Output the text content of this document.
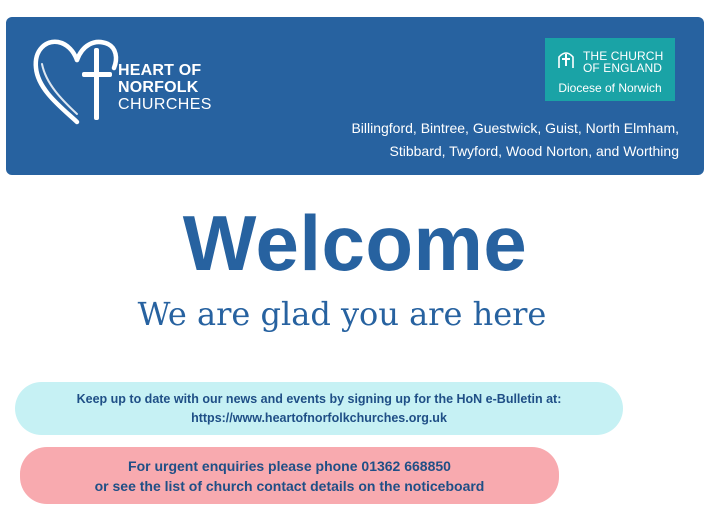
HEART OF
NORFOLK
CHURCHES
THE CHURCH
OF ENGLAND
Diocese of Norwich
Billingford, Bintree, Guestwick, Guist, North Elmham,
Stibbard, Twyford, Wood Norton, and Worthing
Welcome
We are glad you are here
Keep up to date with our news and events by signing up for the HoN e-Bulletin at:
https://www.heartofnorfolkchurches.org.uk
For urgent enquiries please phone 01362 668850
or see the list of church contact details on the noticeboard
